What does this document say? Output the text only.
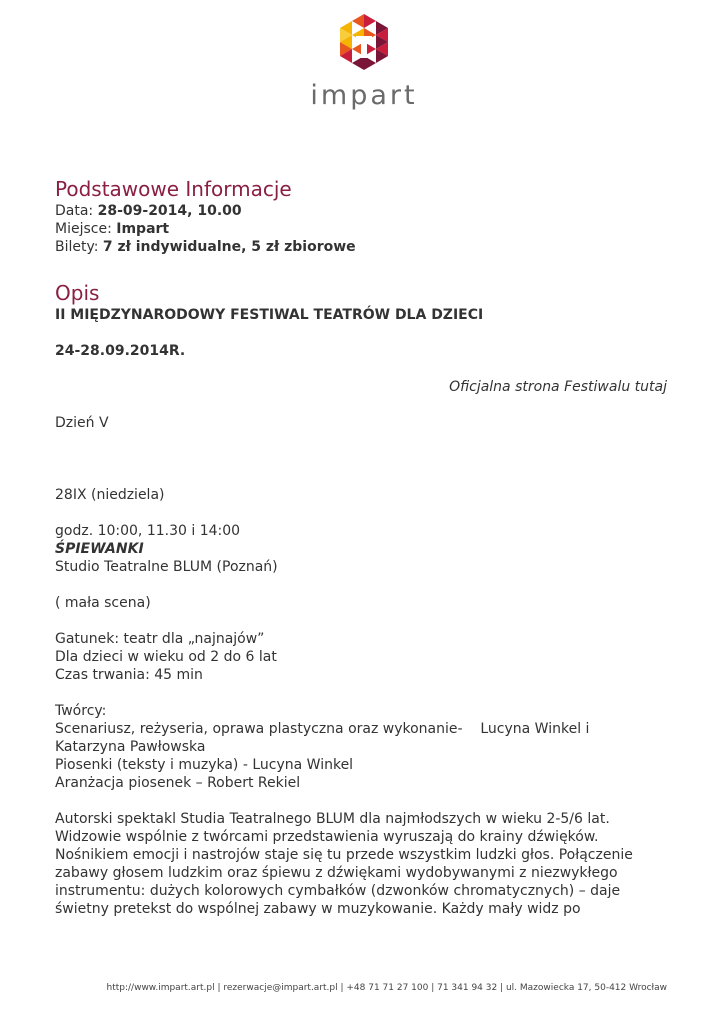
impart
Podstawowe Informacje
Data: 28-09-2014, 10.00
Miejsce: Impart
Bilety: 7 zł indywidualne, 5 zł zbiorowe
Opis
II MIĘDZYNARODOWY FESTIWAL TEATRÓW DLA DZIECI
24-28.09.2014R.
Oficjalna strona Festiwalu tutaj
Dzień V
28IX (niedziela)
godz. 10:00, 11.30 i 14:00
ŚPIEWANKI
Studio Teatralne BLUM (Poznań)
( mała scena)
Gatunek: teatr dla „najnajów”
Dla dzieci w wieku od 2 do 6 lat
Czas trwania: 45 min
Twórcy:
Scenariusz, reżyseria, oprawa plastyczna oraz wykonanie-    Lucyna Winkel i
Katarzyna Pawłowska
Piosenki (teksty i muzyka) - Lucyna Winkel
Aranżacja piosenek – Robert Rekiel
Autorski spektakl Studia Teatralnego BLUM dla najmłodszych w wieku 2-5/6 lat.
Widzowie wspólnie z twórcami przedstawienia wyruszają do krainy dźwięków.
Nośnikiem emocji i nastrojów staje się tu przede wszystkim ludzki głos. Połączenie
zabawy głosem ludzkim oraz śpiewu z dźwiękami wydobywanymi z niezwykłego
instrumentu: dużych kolorowych cymbałków (dzwonków chromatycznych) – daje
świetny pretekst do wspólnej zabawy w muzykowanie. Każdy mały widz po
http://www.impart.art.pl | rezerwacje@impart.art.pl | +48 71 71 27 100 | 71 341 94 32 | ul. Mazowiecka 17, 50-412 Wrocław
